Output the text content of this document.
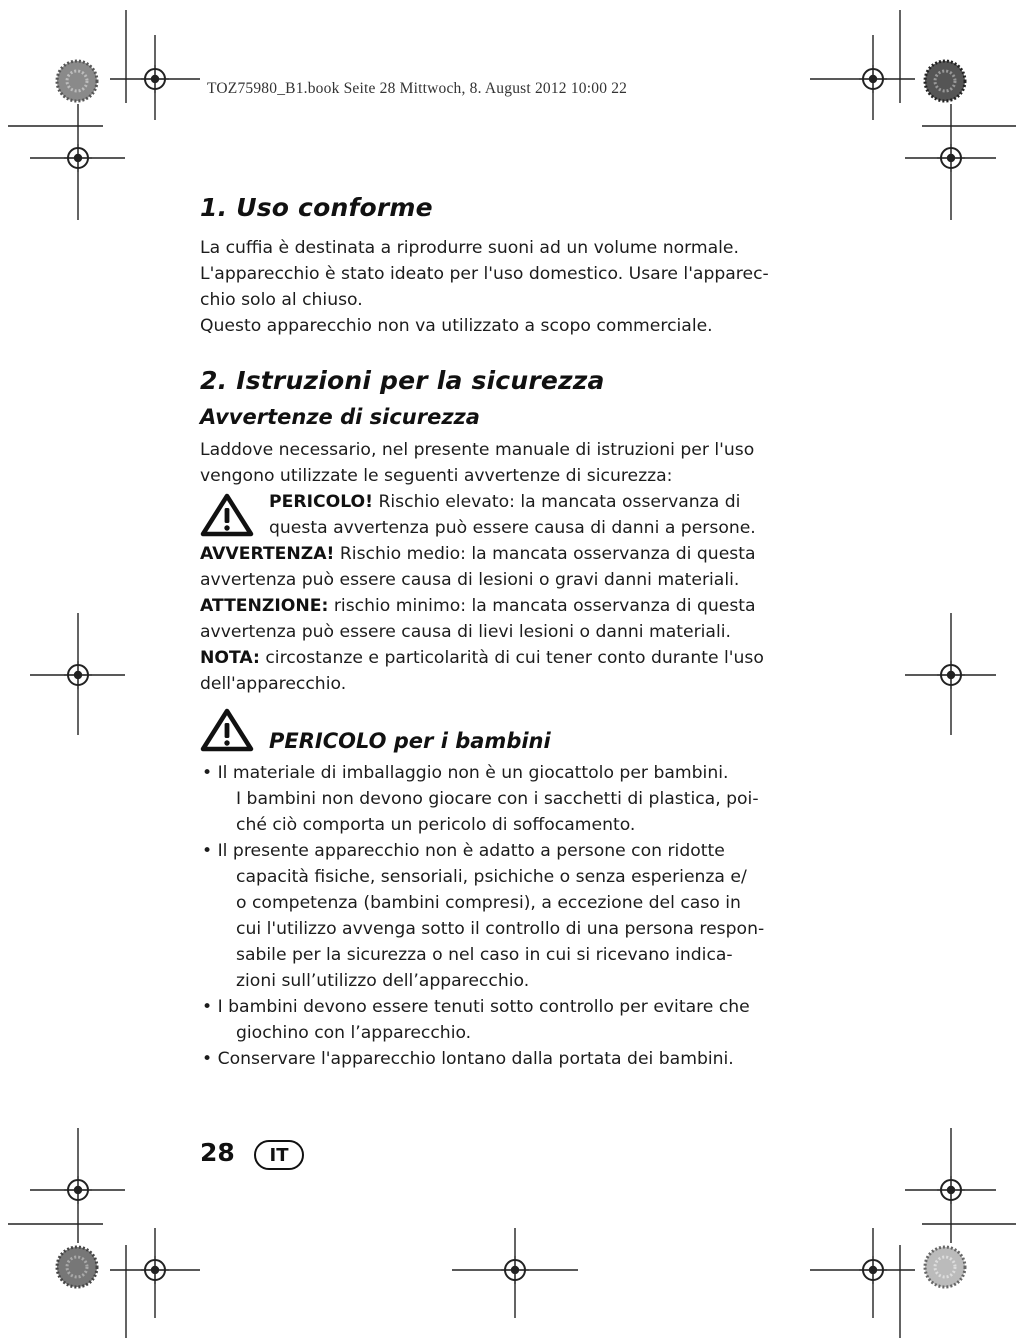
TOZ75980_B1.book Seite 28 Mittwoch, 8. August 2012 10:00 22
1. Uso conforme
La cuffia è destinata a riprodurre suoni ad un volume normale.
L'apparecchio è stato ideato per l'uso domestico. Usare l'apparec-
chio solo al chiuso.
Questo apparecchio non va utilizzato a scopo commerciale.
2. Istruzioni per la sicurezza
Avvertenze di sicurezza
Laddove necessario, nel presente manuale di istruzioni per l'uso
vengono utilizzate le seguenti avvertenze di sicurezza:
PERICOLO! Rischio elevato: la mancata osservanza di
questa avvertenza può essere causa di danni a persone.
AVVERTENZA! Rischio medio: la mancata osservanza di questa
avvertenza può essere causa di lesioni o gravi danni materiali.
ATTENZIONE: rischio minimo: la mancata osservanza di questa
avvertenza può essere causa di lievi lesioni o danni materiali.
NOTA: circostanze e particolarità di cui tener conto durante l'uso
dell'apparecchio.
PERICOLO per i bambini
• Il materiale di imballaggio non è un giocattolo per bambini.
I bambini non devono giocare con i sacchetti di plastica, poi-
ché ciò comporta un pericolo di soffocamento.
• Il presente apparecchio non è adatto a persone con ridotte
capacità fisiche, sensoriali, psichiche o senza esperienza e/
o competenza (bambini compresi), a eccezione del caso in
cui l'utilizzo avvenga sotto il controllo di una persona respon-
sabile per la sicurezza o nel caso in cui si ricevano indica-
zioni sull’utilizzo dell’apparecchio.
• I bambini devono essere tenuti sotto controllo per evitare che
giochino con l’apparecchio.
• Conservare l'apparecchio lontano dalla portata dei bambini.
28 IT
